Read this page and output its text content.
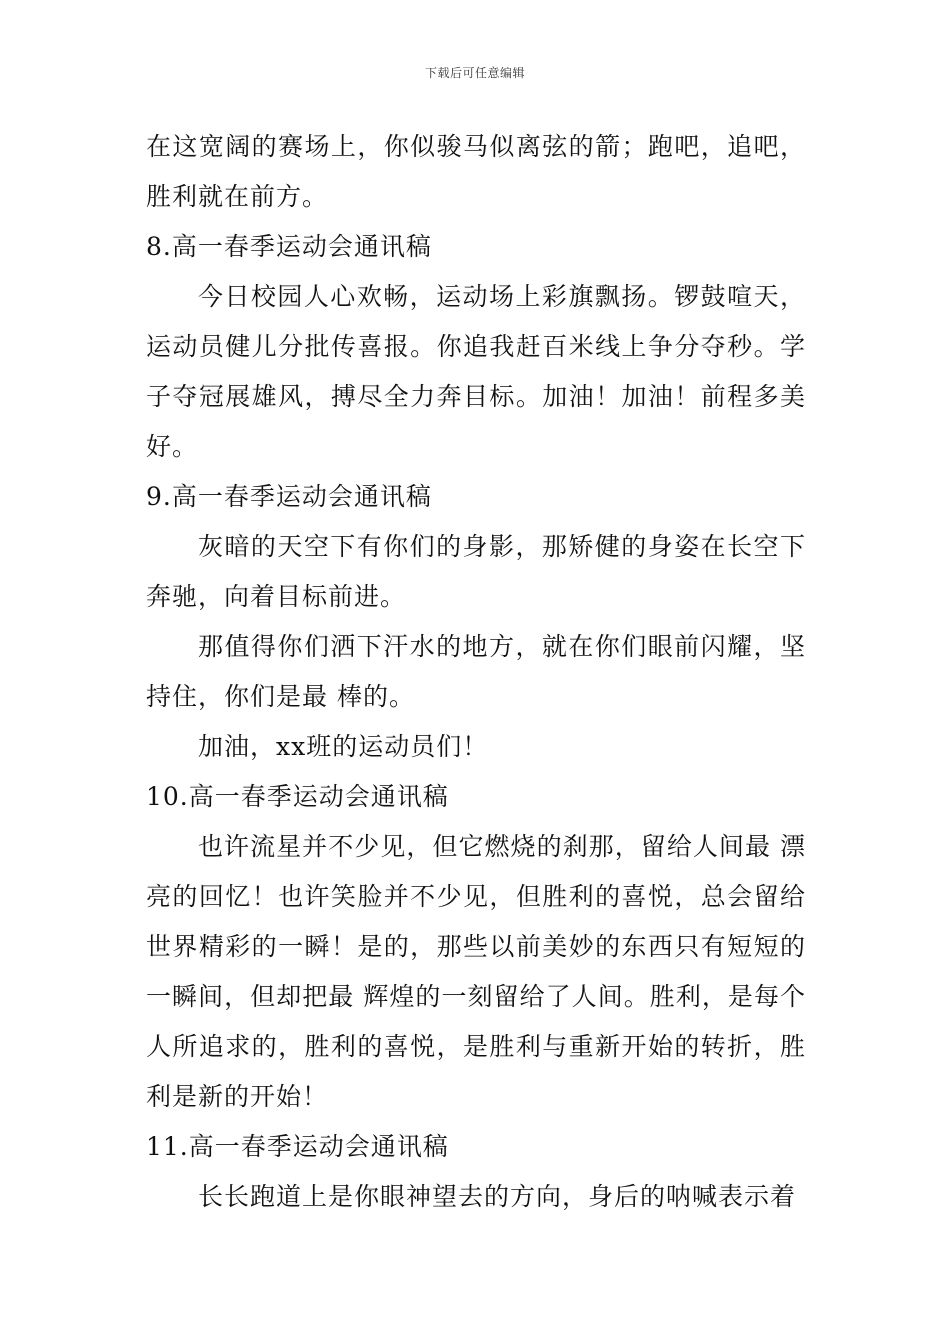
下载后可任意编辑

在这宽阔的赛场上，你似骏马似离弦的箭；跑吧，追吧，胜利就在前方。

8.高一春季运动会通讯稿

今日校园人心欢畅，运动场上彩旗飘扬。锣鼓喧天，运动员健儿分批传喜报。你追我赶百米线上争分夺秒。学子夺冠展雄风，搏尽全力奔目标。加油！加油！前程多美好。

9.高一春季运动会通讯稿

灰暗的天空下有你们的身影，那矫健的身姿在长空下奔驰，向着目标前进。

那值得你们洒下汗水的地方，就在你们眼前闪耀，坚持住，你们是最 棒的。

加油，xx班的运动员们！

10.高一春季运动会通讯稿

也许流星并不少见，但它燃烧的刹那，留给人间最 漂亮的回忆！也许笑脸并不少见，但胜利的喜悦，总会留给世界精彩的一瞬！是的，那些以前美妙的东西只有短短的一瞬间，但却把最 辉煌的一刻留给了人间。胜利，是每个人所追求的，胜利的喜悦，是胜利与重新开始的转折，胜利是新的开始！

11.高一春季运动会通讯稿

长长跑道上是你眼神望去的方向，身后的呐喊表示着
